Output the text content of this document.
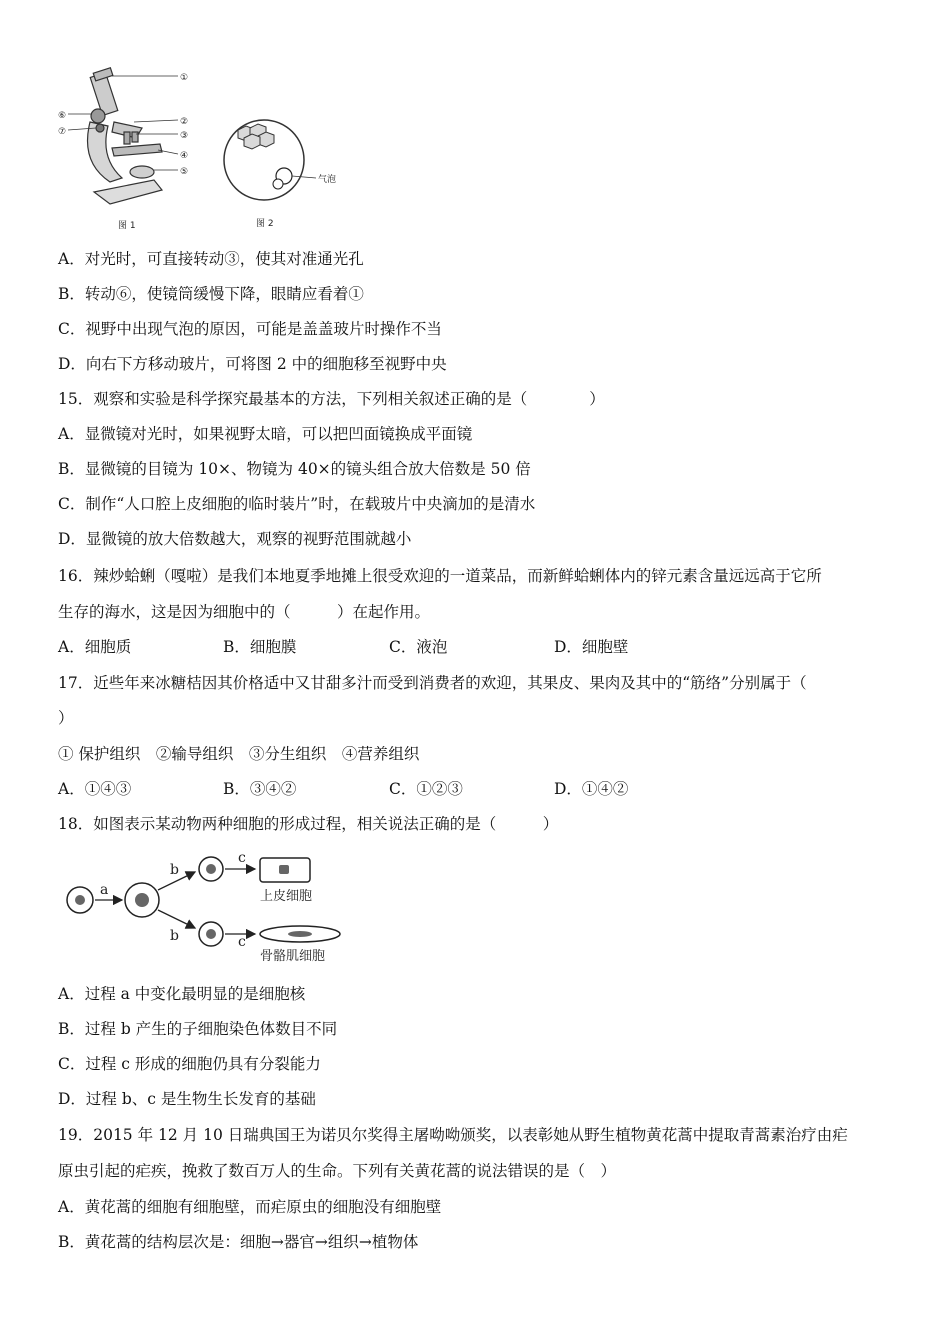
①
②
③
④
⑤
⑥
⑦
图 1	图 2
气泡
A．对光时，可直接转动③，使其对准通光孔
B．转动⑥，使镜筒缓慢下降，眼睛应看着①
C．视野中出现气泡的原因，可能是盖盖玻片时操作不当
D．向右下方移动玻片，可将图 2 中的细胞移至视野中央
15．观察和实验是科学探究最基本的方法，下列相关叙述正确的是（　　　　）
A．显微镜对光时，如果视野太暗，可以把凹面镜换成平面镜
B．显微镜的目镜为 10×、物镜为 40×的镜头组合放大倍数是 50 倍
C．制作“人口腔上皮细胞的临时装片”时，在载玻片中央滴加的是清水
D．显微镜的放大倍数越大，观察的视野范围就越小
16．辣炒蛤蜊（嘎啦）是我们本地夏季地摊上很受欢迎的一道菜品，而新鲜蛤蜊体内的锌元素含量远远高于它所
生存的海水，这是因为细胞中的（　　　）在起作用。
A．细胞质	B．细胞膜	C．液泡	D．细胞壁
17．近些年来冰糖桔因其价格适中又甘甜多汁而受到消费者的欢迎，其果皮、果肉及其中的“筋络”分别属于（
）
① 保护组织　②输导组织　③分生组织　④营养组织
A．①④③	B．③④②	C．①②③	D．①④②
18．如图表示某动物两种细胞的形成过程，相关说法正确的是（　　　）
a
b
b
c
c
上皮细胞
骨骼肌细胞
A．过程 a 中变化最明显的是细胞核
B．过程 b 产生的子细胞染色体数目不同
C．过程 c 形成的细胞仍具有分裂能力
D．过程 b、c 是生物生长发育的基础
19．2015 年 12 月 10 日瑞典国王为诺贝尔奖得主屠呦呦颁奖，以表彰她从野生植物黄花蒿中提取青蒿素治疗由疟
原虫引起的疟疾，挽救了数百万人的生命。下列有关黄花蒿的说法错误的是（　）
A．黄花蒿的细胞有细胞壁，而疟原虫的细胞没有细胞壁
B．黄花蒿的结构层次是：细胞→器官→组织→植物体
